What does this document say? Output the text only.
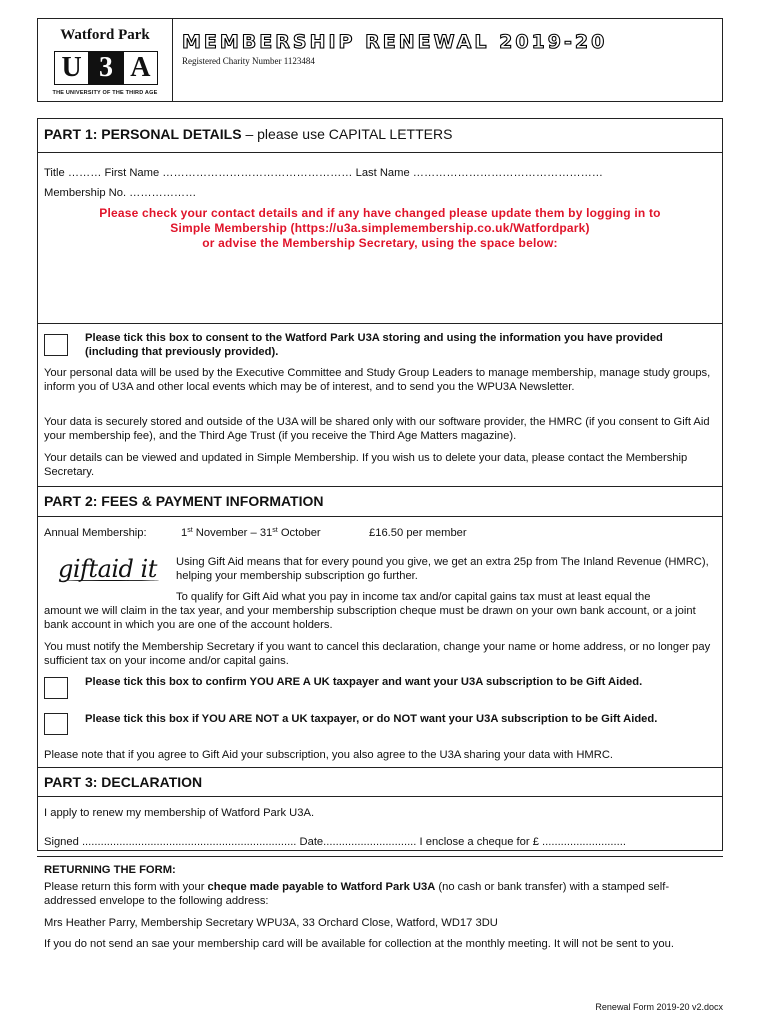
Watford Park
U 3 A
THE UNIVERSITY OF THE THIRD AGE
MEMBERSHIP RENEWAL 2019-20
Registered Charity Number 1123484
PART 1: PERSONAL DETAILS – please use CAPITAL LETTERS
Title ……… First Name …………………………………………… Last Name ……………………………………………
Membership No. ………………
Please check your contact details and if any have changed please update them by logging in to
Simple Membership (https://u3a.simplemembership.co.uk/Watfordpark)
or advise the Membership Secretary, using the space below:
Please tick this box to consent to the Watford Park U3A storing and using the information you have provided (including that previously provided).
Your personal data will be used by the Executive Committee and Study Group Leaders to manage membership, manage study groups, inform you of U3A and other local events which may be of interest, and to send you the WPU3A Newsletter.
Your data is securely stored and outside of the U3A will be shared only with our software provider, the HMRC (if you consent to Gift Aid your membership fee), and the Third Age Trust (if you receive the Third Age Matters magazine).
Your details can be viewed and updated in Simple Membership. If you wish us to delete your data, please contact the Membership Secretary.
PART 2: FEES & PAYMENT INFORMATION
Annual Membership:	1st November – 31st October	£16.50 per member
giftaid it Using Gift Aid means that for every pound you give, we get an extra 25p from The Inland Revenue (HMRC), helping your membership subscription go further.
To qualify for Gift Aid what you pay in income tax and/or capital gains tax must at least equal the
amount we will claim in the tax year, and your membership subscription cheque must be drawn on your own bank account, or a joint bank account in which you are one of the account holders.
You must notify the Membership Secretary if you want to cancel this declaration, change your name or home address, or no longer pay sufficient tax on your income and/or capital gains.
Please tick this box to confirm YOU ARE A UK taxpayer and want your U3A subscription to be Gift Aided.
Please tick this box if YOU ARE NOT a UK taxpayer, or do NOT want your U3A subscription to be Gift Aided.
Please note that if you agree to Gift Aid your subscription, you also agree to the U3A sharing your data with HMRC.
PART 3: DECLARATION
I apply to renew my membership of Watford Park U3A.
Signed ..................................................................... Date.............................. I enclose a cheque for £ ...........................
RETURNING THE FORM:
Please return this form with your cheque made payable to Watford Park U3A (no cash or bank transfer) with a stamped self-addressed envelope to the following address:
Mrs Heather Parry, Membership Secretary WPU3A, 33 Orchard Close, Watford, WD17 3DU
If you do not send an sae your membership card will be available for collection at the monthly meeting. It will not be sent to you.
Renewal Form 2019-20 v2.docx
